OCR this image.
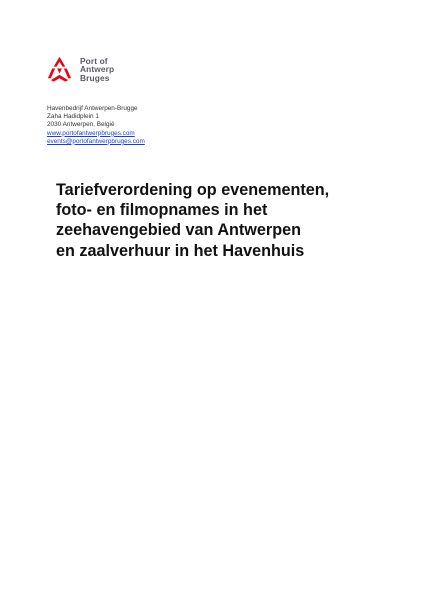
Port of
Antwerp
Bruges
Havenbedrijf Antwerpen-Brugge
Zaha Hadidplein 1
2030 Antwerpen, België
www.portofantwerpbruges.com
events@portofantwerpbruges.com
Tariefverordening op evenementen,
foto- en filmopnames in het
zeehavengebied van Antwerpen
en zaalverhuur in het Havenhuis
